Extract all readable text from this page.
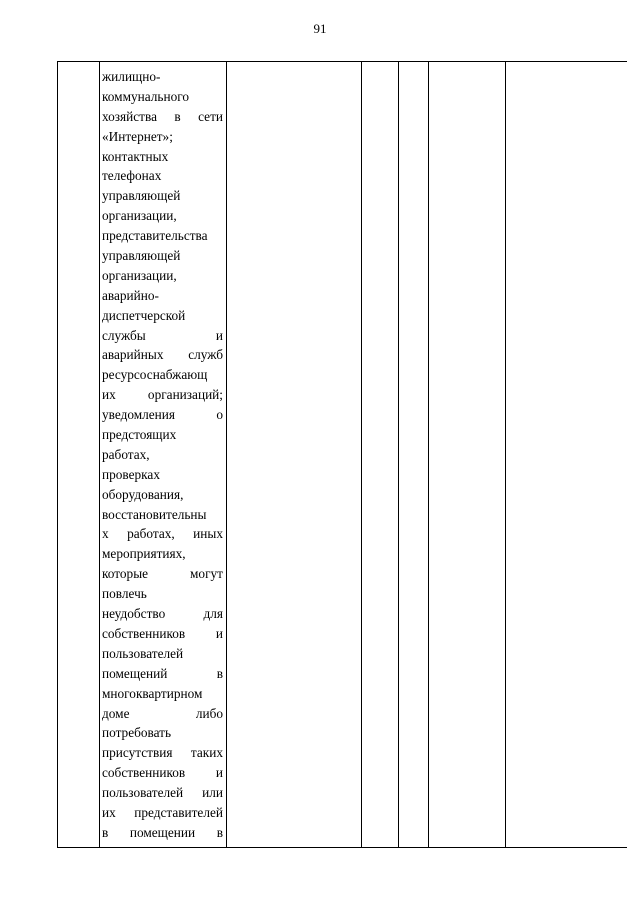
91
жилищно-
коммунального
хозяйства в сети
«Интернет»;
контактных
телефонах
управляющей
организации,
представительства
управляющей
организации,
аварийно-
диспетчерской
службы и
аварийных служб
ресурсоснабжающ
их организаций;
уведомления о
предстоящих
работах,
проверках
оборудования,
восстановительны
х работах, иных
мероприятиях,
которые могут
повлечь
неудобство для
собственников и
пользователей
помещений в
многоквартирном
доме либо
потребовать
присутствия таких
собственников и
пользователей или
их представителей
в помещении в
